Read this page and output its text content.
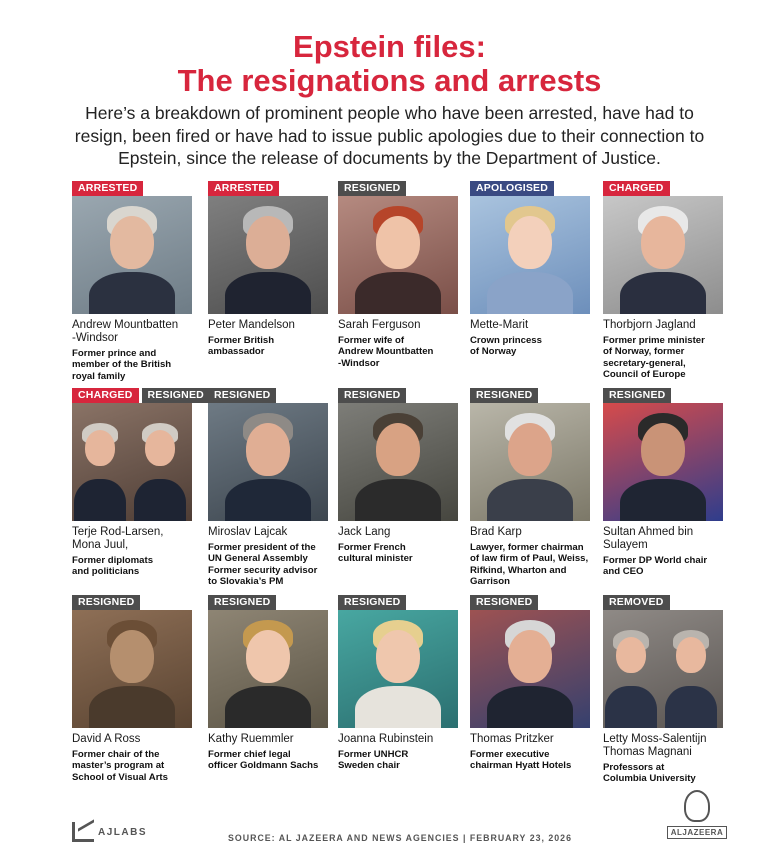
Epstein files:
The resignations and arrests

Here’s a breakdown of prominent people who have been arrested, have had to resign, been fired or have had to issue public apologies due to their connection to Epstein, since the release of documents by the Department of Justice.

ARRESTED
Andrew Mountbatten
-Windsor
Former prince and
member of the British
royal family
ARRESTED
Peter Mandelson
Former British
ambassador
RESIGNED
Sarah Ferguson
Former wife of
Andrew Mountbatten
-Windsor
APOLOGISED
Mette-Marit
Crown princess
of Norway
CHARGED
Thorbjorn Jagland
Former prime minister
of Norway, former
secretary-general,
Council of Europe
CHARGED	RESIGNED
Terje Rod-Larsen,
Mona Juul,
Former diplomats
and politicians
RESIGNED
Miroslav Lajcak
Former president of the
UN General Assembly
Former security advisor
to Slovakia’s PM
RESIGNED
Jack Lang
Former French
cultural minister
RESIGNED
Brad Karp
Lawyer, former chairman
of law firm of Paul, Weiss,
Rifkind, Wharton and
Garrison
RESIGNED
Sultan Ahmed bin
Sulayem
Former DP World chair
and CEO
RESIGNED
David A Ross
Former chair of the
master’s program at
School of Visual Arts
RESIGNED
Kathy Ruemmler
Former chief legal
officer Goldmann Sachs
RESIGNED
Joanna Rubinstein
Former UNHCR
Sweden chair
RESIGNED
Thomas Pritzker
Former executive
chairman Hyatt Hotels
REMOVED
Letty Moss-Salentijn
Thomas Magnani
Professors at
Columbia University
AJLABS
SOURCE: AL JAZEERA AND NEWS AGENCIES | FEBRUARY 23, 2026
ALJAZEERA
